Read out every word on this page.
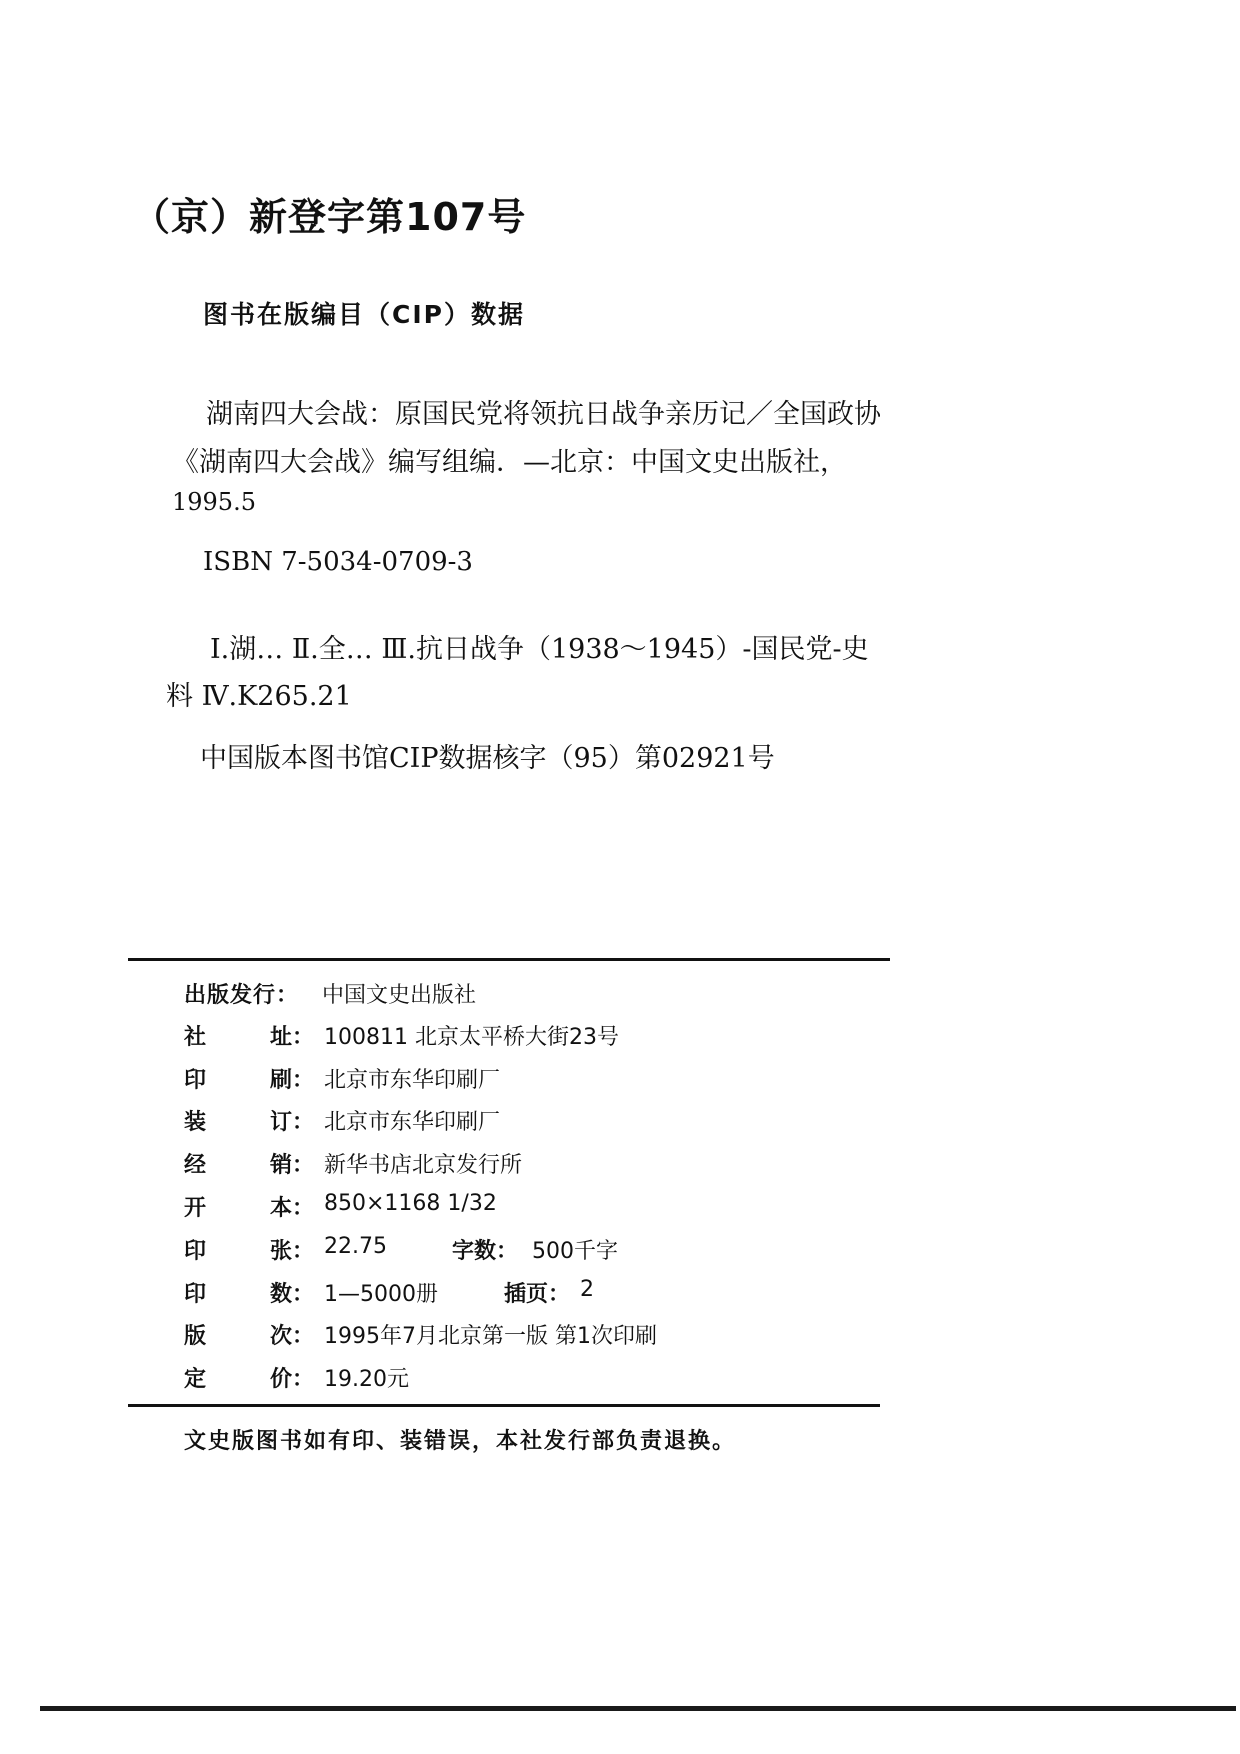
（京）新登字第107号
图书在版编目（CIP）数据
湖南四大会战：原国民党将领抗日战争亲历记／全国政协
《湖南四大会战》编写组编．—北京：中国文史出版社，
1995.5
ISBN 7-5034-0709-3
Ⅰ.湖… Ⅱ.全… Ⅲ.抗日战争（1938～1945）-国民党-史
料 Ⅳ.K265.21
中国版本图书馆CIP数据核字（95）第02921号
出版发行： 中国文史出版社
社	址： 100811 北京太平桥大街23号
印	刷： 北京市东华印刷厂
装	订： 北京市东华印刷厂
经	销： 新华书店北京发行所
开	本： 850×1168 1/32
印	张： 22.75	字数： 500千字
印	数： 1—5000册	插页： 2
版	次： 1995年7月北京第一版 第1次印刷
定	价： 19.20元
文史版图书如有印、装错误，本社发行部负责退换。
